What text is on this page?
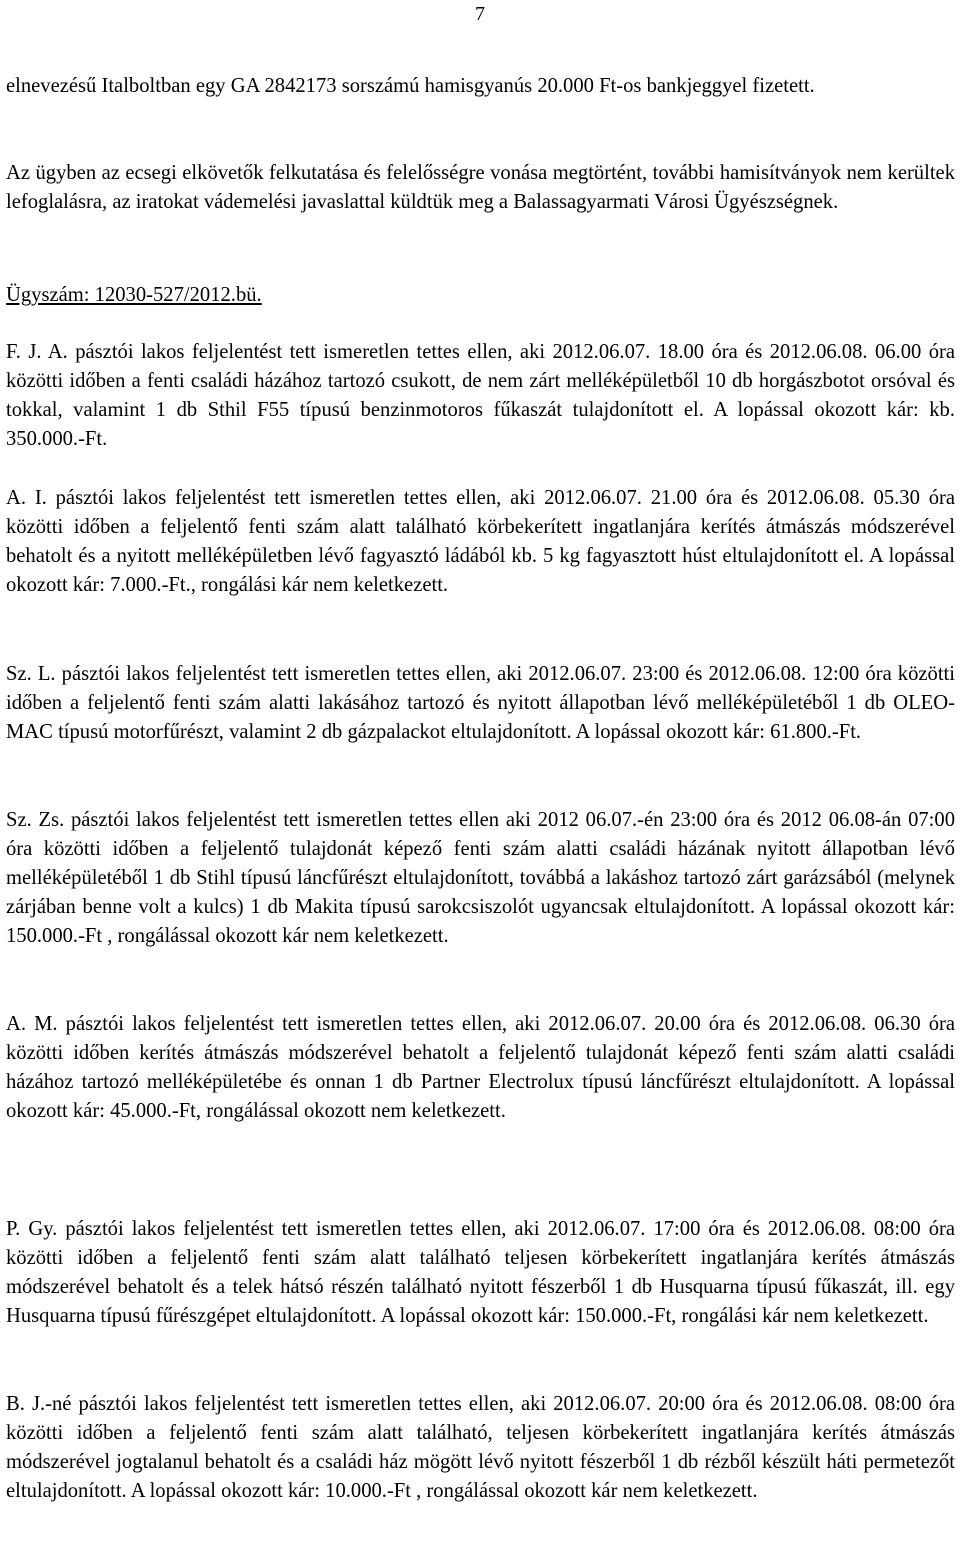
7

elnevezésű Italboltban egy GA 2842173 sorszámú hamisgyanús 20.000 Ft-os bankjeggyel fizetett.

Az ügyben az ecsegi elkövetők felkutatása és felelősségre vonása megtörtént, további hamisítványok nem kerültek lefoglalásra, az iratokat vádemelési javaslattal küldtük meg a Balassagyarmati Városi Ügyészségnek.

Ügyszám: 12030-527/2012.bü.

F. J. A. pásztói lakos feljelentést tett ismeretlen tettes ellen, aki 2012.06.07. 18.00 óra és 2012.06.08. 06.00 óra közötti időben a fenti családi házához tartozó csukott, de nem zárt melléképületből 10 db horgászbotot orsóval és tokkal, valamint 1 db Sthil F55 típusú benzinmotoros fűkaszát tulajdonított el. A lopással okozott kár: kb. 350.000.-Ft.

A. I. pásztói lakos feljelentést tett ismeretlen tettes ellen, aki 2012.06.07. 21.00 óra és 2012.06.08. 05.30 óra közötti időben a feljelentő fenti szám alatt található körbekerített ingatlanjára kerítés átmászás módszerével behatolt és a nyitott melléképületben lévő fagyasztó ládából kb. 5 kg fagyasztott húst eltulajdonított el. A lopással okozott kár: 7.000.-Ft., rongálási kár nem keletkezett.

Sz. L. pásztói lakos feljelentést tett ismeretlen tettes ellen, aki 2012.06.07. 23:00 és 2012.06.08. 12:00 óra közötti időben a feljelentő fenti szám alatti lakásához tartozó és nyitott állapotban lévő melléképületéből 1 db OLEO-MAC típusú motorfűrészt, valamint 2 db gázpalackot eltulajdonított. A lopással okozott kár: 61.800.-Ft.

Sz. Zs. pásztói lakos feljelentést tett ismeretlen tettes ellen aki 2012 06.07.-én 23:00 óra és 2012 06.08-án 07:00 óra közötti időben a feljelentő tulajdonát képező fenti szám alatti családi házának nyitott állapotban lévő melléképületéből 1 db Stihl típusú láncfűrészt eltulajdonított, továbbá a lakáshoz tartozó zárt garázsából (melynek zárjában benne volt a kulcs) 1 db Makita típusú sarokcsiszolót ugyancsak eltulajdonított. A lopással okozott kár: 150.000.-Ft , rongálással okozott kár nem keletkezett.

A. M. pásztói lakos feljelentést tett ismeretlen tettes ellen, aki 2012.06.07. 20.00 óra és 2012.06.08. 06.30 óra közötti időben kerítés átmászás módszerével behatolt a feljelentő tulajdonát képező fenti szám alatti családi házához tartozó melléképületébe és onnan 1 db Partner Electrolux típusú láncfűrészt eltulajdonított. A lopással okozott kár: 45.000.-Ft, rongálással okozott nem keletkezett.

P. Gy. pásztói lakos feljelentést tett ismeretlen tettes ellen, aki 2012.06.07. 17:00 óra és 2012.06.08. 08:00 óra közötti időben a feljelentő fenti szám alatt található teljesen körbekerített ingatlanjára kerítés átmászás módszerével behatolt és a telek hátsó részén található nyitott fészerből 1 db Husquarna típusú fűkaszát, ill. egy Husquarna típusú fűrészgépet eltulajdonított. A lopással okozott kár: 150.000.-Ft, rongálási kár nem keletkezett.

B. J.-né pásztói lakos feljelentést tett ismeretlen tettes ellen, aki 2012.06.07. 20:00 óra és 2012.06.08. 08:00 óra közötti időben a feljelentő fenti szám alatt található, teljesen körbekerített ingatlanjára kerítés átmászás módszerével jogtalanul behatolt és a családi ház mögött lévő nyitott fészerből 1 db rézből készült háti permetezőt eltulajdonított. A lopással okozott kár: 10.000.-Ft , rongálással okozott kár nem keletkezett.
